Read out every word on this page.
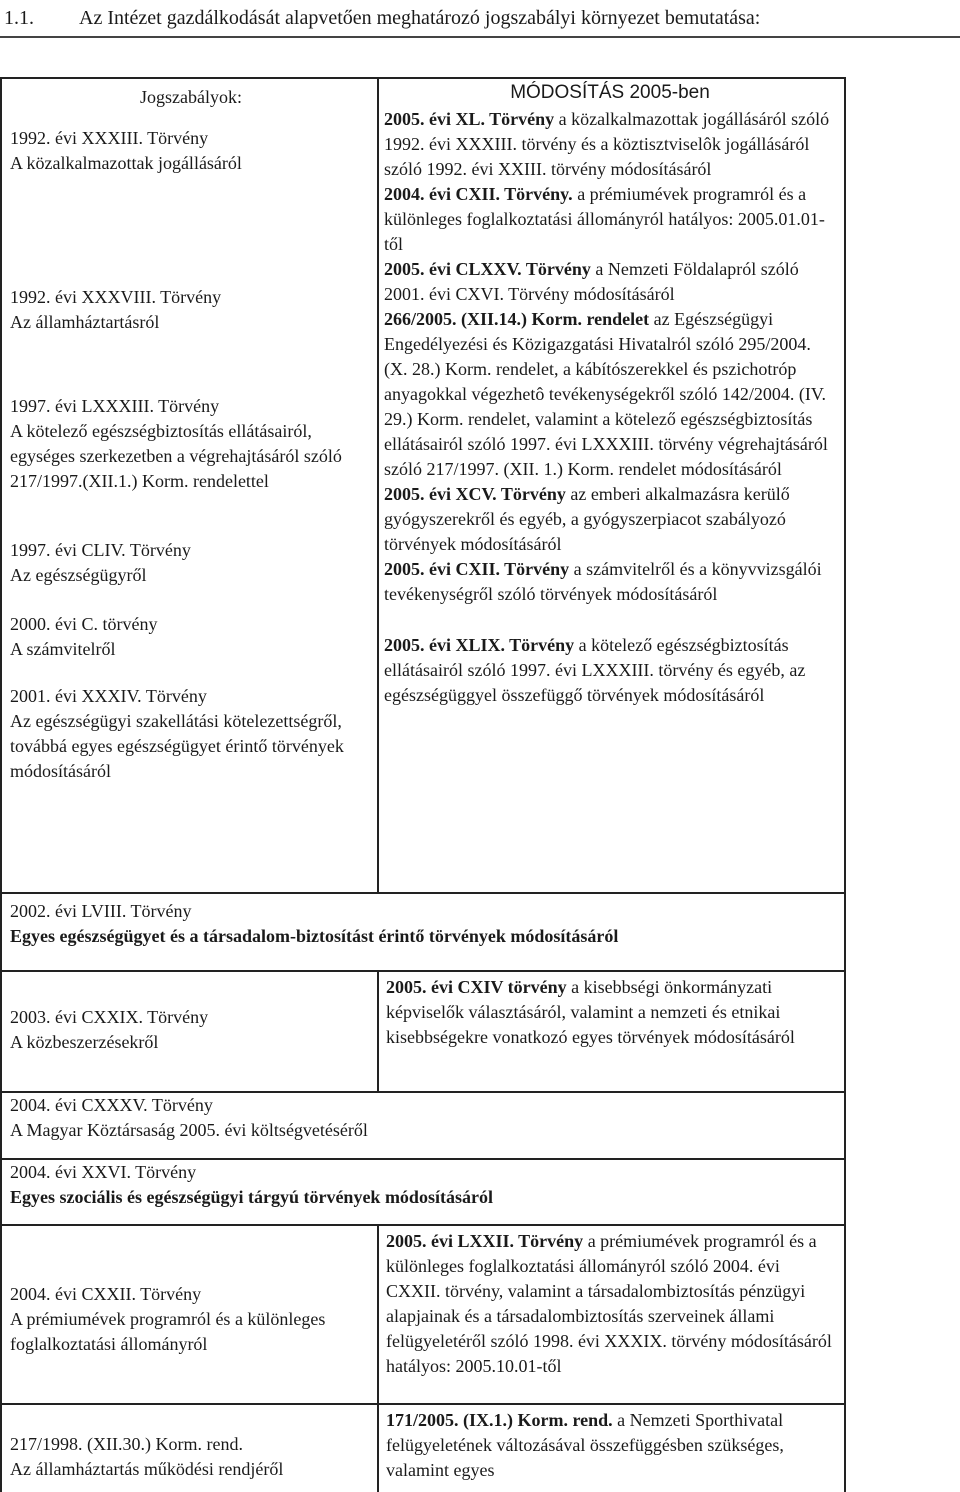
1.1. Az Intézet gazdálkodását alapvetően meghatározó jogszabályi környezet bemutatása:

Jogszabályok:

1992. évi XXXIII. Törvény

A közalkalmazottak jogállásáról

1992. évi XXXVIII. Törvény

Az államháztartásról

1997. évi LXXXIII. Törvény

A kötelező egészségbiztosítás ellátásairól, egységes szerkezetben a végrehajtásáról szóló 217/1997.(XII.1.) Korm. rendelettel

1997. évi CLIV. Törvény

Az egészségügyről

2000. évi C. törvény

A számvitelről

2001. évi XXXIV. Törvény

Az egészségügyi szakellátási kötelezettségről, továbbá egyes egészségügyet érintő törvények módosításáról

MÓDOSÍTÁS 2005-ben

2005. évi XL. Törvény a közalkalmazottak jogállásáról szóló 1992. évi XXXIII. törvény és a köztisztviselôk jogállásáról szóló 1992. évi XXIII. törvény módosításáról

2004. évi CXII. Törvény. a prémiumévek programról és a különleges foglalkoztatási állományról hatályos: 2005.01.01-től

2005. évi CLXXV. Törvény a Nemzeti Földalapról szóló 2001. évi CXVI. Törvény módosításáról

266/2005. (XII.14.) Korm. rendelet az Egészségügyi Engedélyezési és Közigazgatási Hivatalról szóló 295/2004. (X. 28.) Korm. rendelet, a kábítószerekkel és pszichotróp anyagokkal végezhetô tevékenységekről szóló 142/2004. (IV. 29.) Korm. rendelet, valamint a kötelező egészségbiztosítás ellátásairól szóló 1997. évi LXXXIII. törvény végrehajtásáról szóló 217/1997. (XII. 1.) Korm. rendelet módosításáról

2005. évi XCV. Törvény az emberi alkalmazásra kerülő gyógyszerekről és egyéb, a gyógyszerpiacot szabályozó törvények módosításáról

2005. évi CXII. Törvény a számvitelről és a könyvvizsgálói tevékenységről szóló törvények módosításáról

2005. évi XLIX. Törvény a kötelező egészségbiztosítás ellátásairól szóló 1997. évi LXXXIII. törvény és egyéb, az egészségüggyel összefüggő törvények módosításáról

2002. évi LVIII. Törvény

Egyes egészségügyet és a társadalom-biztosítást érintő törvények módosításáról

2003. évi CXXIX. Törvény

A közbeszerzésekről

2005. évi CXIV törvény a kisebbségi önkormányzati képviselők választásáról, valamint a nemzeti és etnikai kisebbségekre vonatkozó egyes törvények módosításáról

2004. évi CXXXV. Törvény

A Magyar Köztársaság 2005. évi költségvetéséről

2004. évi XXVI. Törvény

Egyes szociális és egészségügyi tárgyú törvények módosításáról

2004. évi CXXII. Törvény

A prémiumévek programról és a különleges foglalkoztatási állományról

2005. évi LXXII. Törvény a prémiumévek programról és a különleges foglalkoztatási állományról szóló 2004. évi CXXII. törvény, valamint a társadalombiztosítás pénzügyi alapjainak és a társadalombiztosítás szerveinek állami felügyeletéről szóló 1998. évi XXXIX. törvény módosításáról hatályos: 2005.10.01-től

217/1998. (XII.30.) Korm. rend.

Az államháztartás működési rendjéről

171/2005. (IX.1.) Korm. rend. a Nemzeti Sporthivatal felügyeletének változásával összefüggésben szükséges, valamint egyes
